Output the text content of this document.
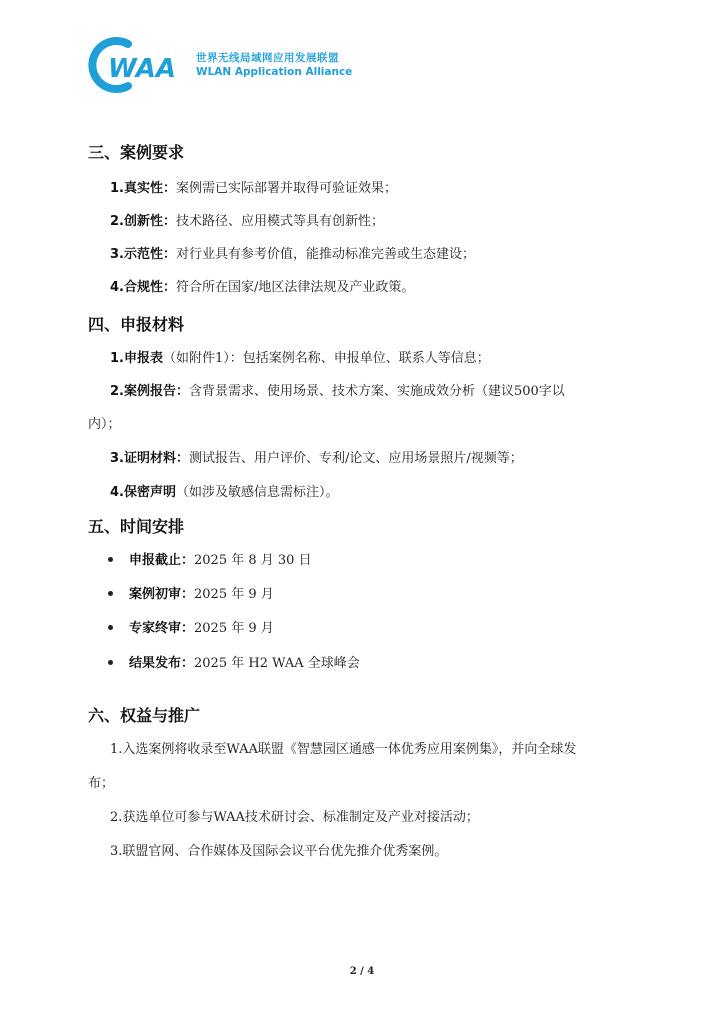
WAA 世界无线局域网应用发展联盟
WLAN Application Alliance
三、案例要求
1.真实性：案例需已实际部署并取得可验证效果；
2.创新性：技术路径、应用模式等具有创新性；
3.示范性：对行业具有参考价值，能推动标准完善或生态建设；
4.合规性：符合所在国家/地区法律法规及产业政策。
四、申报材料
1.申报表（如附件1）：包括案例名称、申报单位、联系人等信息；
2.案例报告：含背景需求、使用场景、技术方案、实施成效分析（建议500字以
内）；
3.证明材料：测试报告、用户评价、专利/论文、应用场景照片/视频等；
4.保密声明（如涉及敏感信息需标注）。
五、时间安排
申报截止：2025 年 8 月 30 日
案例初审：2025 年 9 月
专家终审：2025 年 9 月
结果发布：2025 年 H2 WAA 全球峰会
六、权益与推广
1.入选案例将收录至WAA联盟《智慧园区通感一体优秀应用案例集》，并向全球发
布；
2.获选单位可参与WAA技术研讨会、标准制定及产业对接活动；
3.联盟官网、合作媒体及国际会议平台优先推介优秀案例。
2 / 4
